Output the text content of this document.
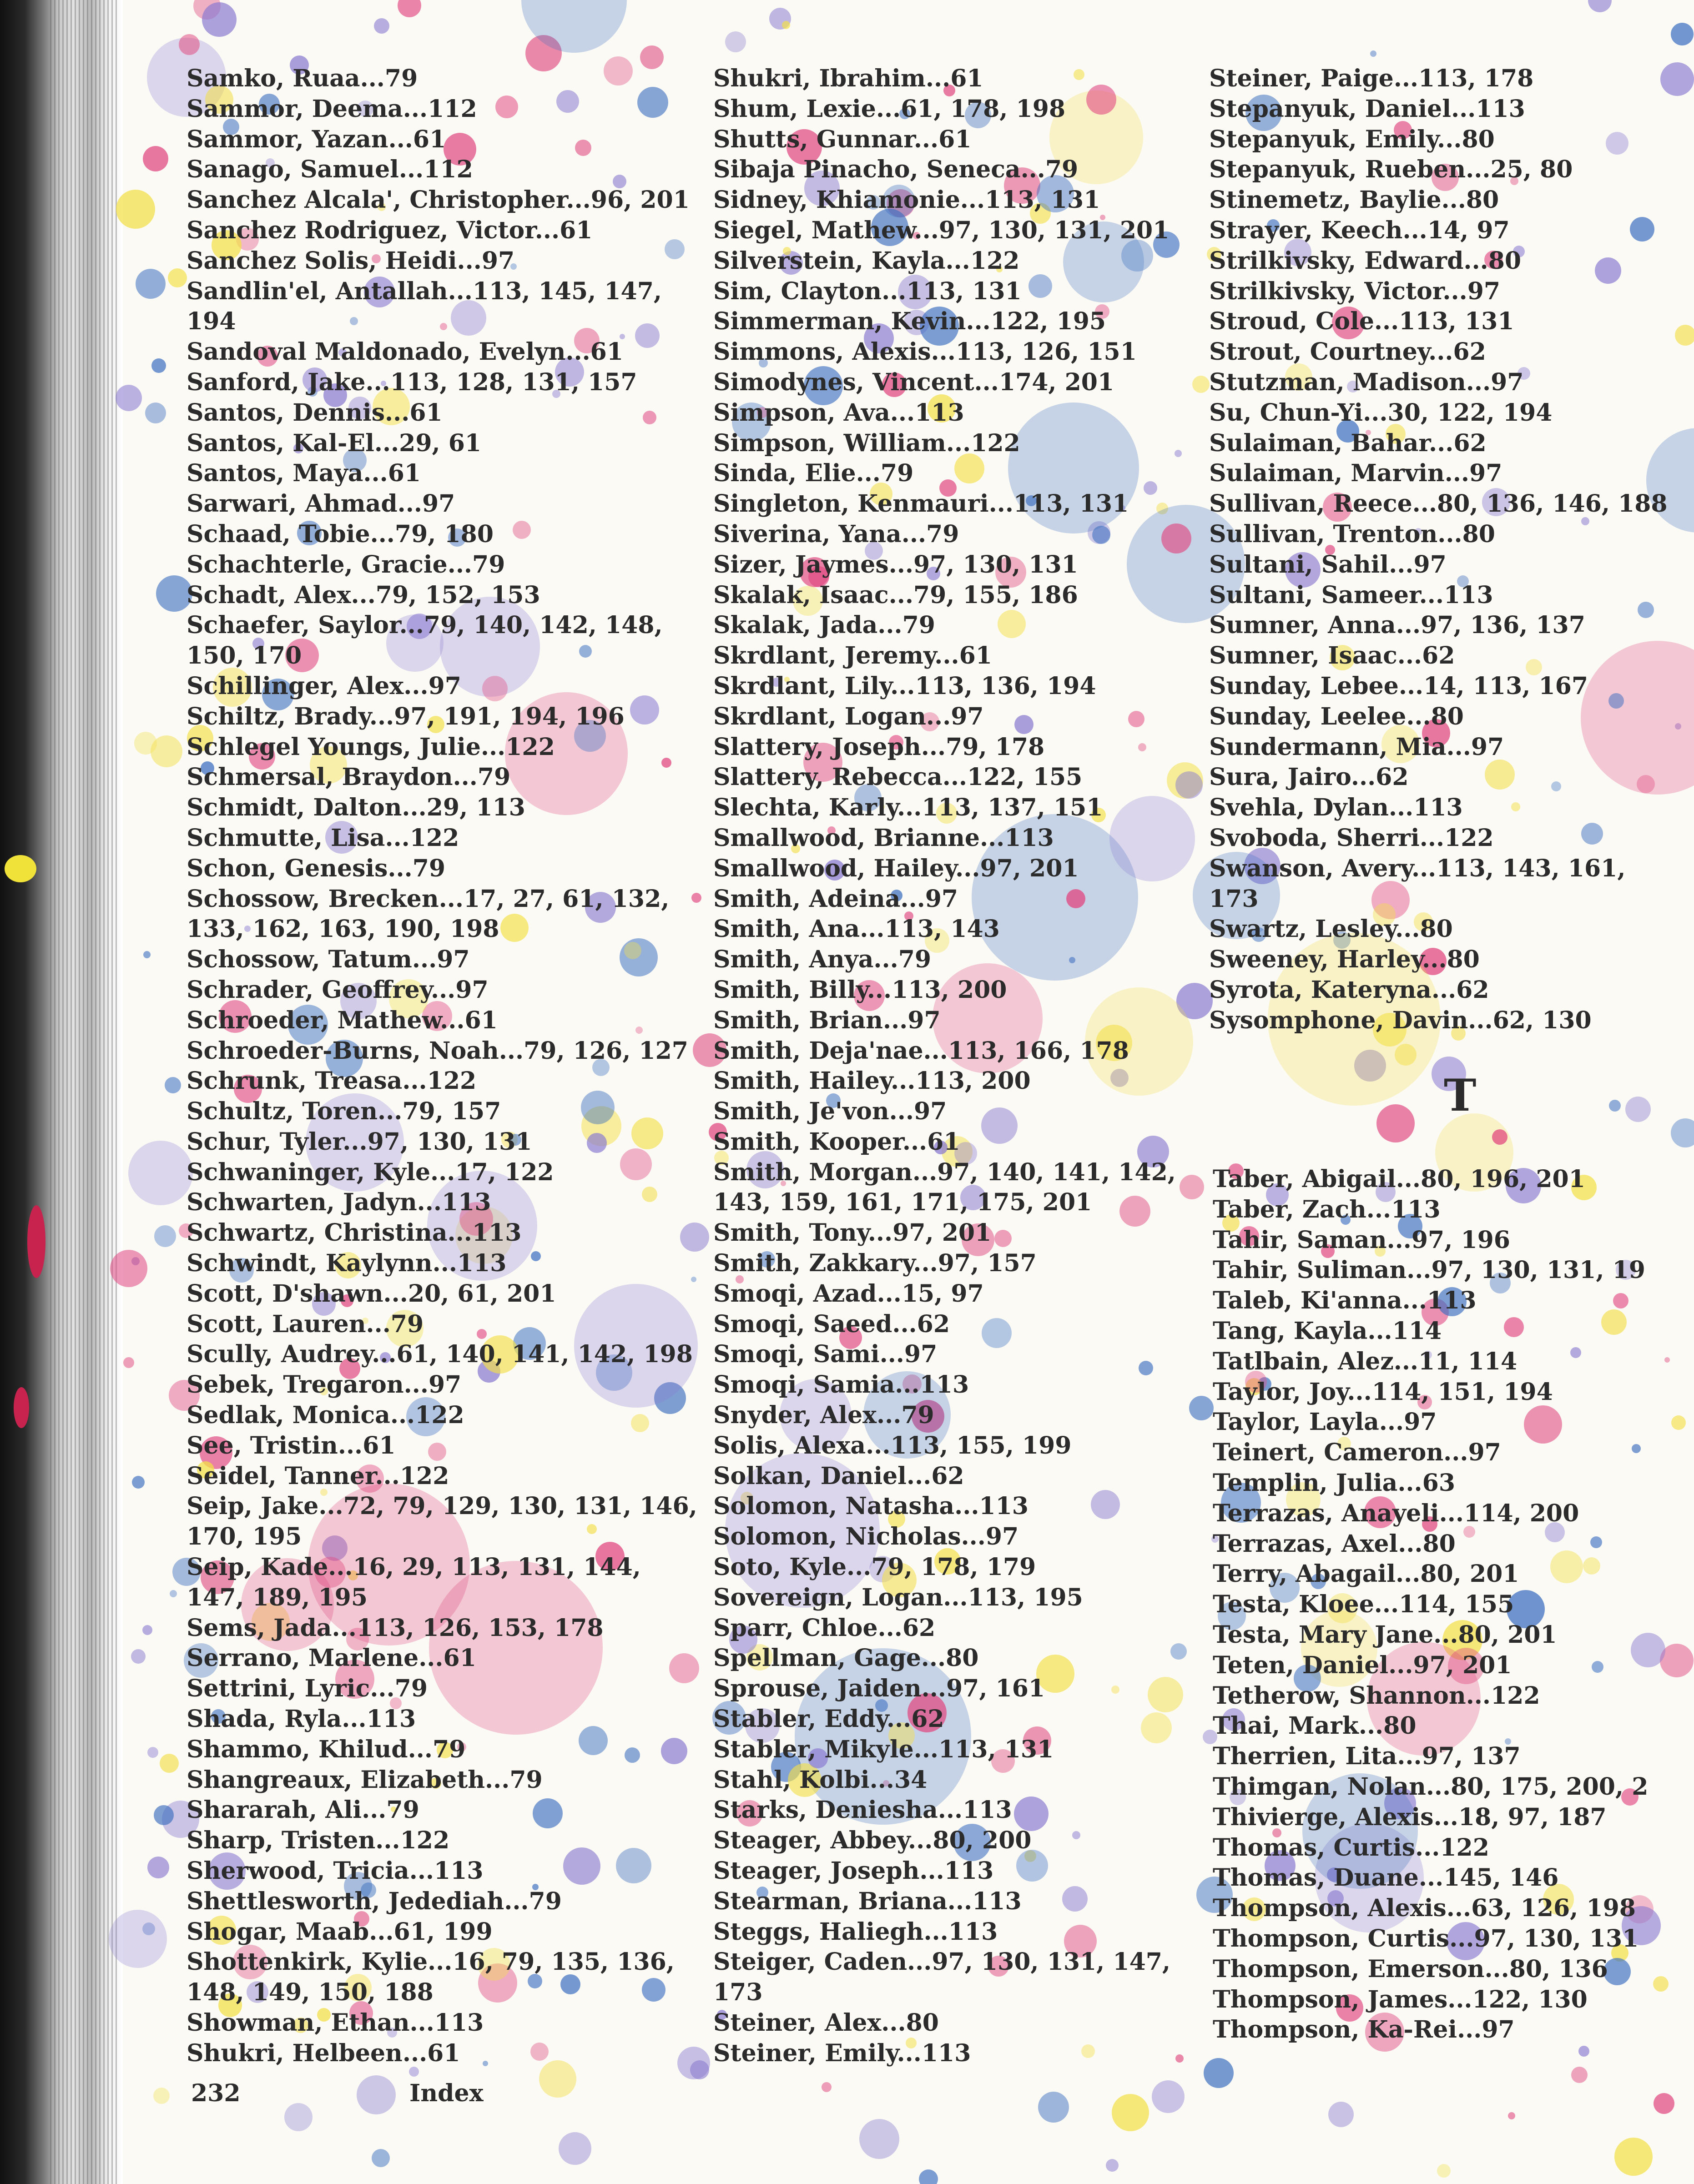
Samko, Ruaa...79
Sammor, Deema...112
Sammor, Yazan...61
Sanago, Samuel...112
Sanchez Alcala', Christopher...96, 201
Sanchez Rodriguez, Victor...61
Sanchez Solis, Heidi...97
Sandlin'el, Antallah...113, 145, 147, 194
Sandoval Maldonado, Evelyn...61
Sanford, Jake...113, 128, 131, 157
Santos, Dennis...61
Santos, Kal-El...29, 61
Santos, Maya...61
Sarwari, Ahmad...97
Schaad, Tobie...79, 180
Schachterle, Gracie...79
Schadt, Alex...79, 152, 153
Schaefer, Saylor...79, 140, 142, 148, 150, 170
Schillinger, Alex...97
Schiltz, Brady...97, 191, 194, 196
Schlegel Youngs, Julie...122
Schmersal, Braydon...79
Schmidt, Dalton...29, 113
Schmutte, Lisa...122
Schon, Genesis...79
Schossow, Brecken...17, 27, 61, 132, 133, 162, 163, 190, 198
Schossow, Tatum...97
Schrader, Geoffrey...97
Schroeder, Mathew...61
Schroeder-Burns, Noah...79, 126, 127
Schrunk, Treasa...122
Schultz, Toren...79, 157
Schur, Tyler...97, 130, 131
Schwaninger, Kyle...17, 122
Schwarten, Jadyn...113
Schwartz, Christina...113
Schwindt, Kaylynn...113
Scott, D'shawn...20, 61, 201
Scott, Lauren...79
Scully, Audrey...61, 140, 141, 142, 198
Sebek, Tregaron...97
Sedlak, Monica...122
See, Tristin...61
Seidel, Tanner...122
Seip, Jake...72, 79, 129, 130, 131, 146, 170, 195
Seip, Kade...16, 29, 113, 131, 144, 147, 189, 195
Sems, Jada...113, 126, 153, 178
Serrano, Marlene...61
Settrini, Lyric...79
Shada, Ryla...113
Shammo, Khilud...79
Shangreaux, Elizabeth...79
Shararah, Ali...79
Sharp, Tristen...122
Sherwood, Tricia...113
Shettlesworth, Jedediah...79
Shogar, Maab...61, 199
Shottenkirk, Kylie...16, 79, 135, 136, 148, 149, 150, 188
Showman, Ethan...113
Shukri, Helbeen...61
Shukri, Ibrahim...61
Shum, Lexie...61, 178, 198
Shutts, Gunnar...61
Sibaja Pinacho, Seneca...79
Sidney, Khiamonie...113, 131
Siegel, Mathew...97, 130, 131, 201
Silverstein, Kayla...122
Sim, Clayton...113, 131
Simmerman, Kevin...122, 195
Simmons, Alexis...113, 126, 151
Simodynes, Vincent...174, 201
Simpson, Ava...113
Simpson, William...122
Sinda, Elie...79
Singleton, Kenmauri...113, 131
Siverina, Yana...79
Sizer, Jaymes...97, 130, 131
Skalak, Isaac...79, 155, 186
Skalak, Jada...79
Skrdlant, Jeremy...61
Skrdlant, Lily...113, 136, 194
Skrdlant, Logan...97
Slattery, Joseph...79, 178
Slattery, Rebecca...122, 155
Slechta, Karly...113, 137, 151
Smallwood, Brianne...113
Smallwood, Hailey...97, 201
Smith, Adeina...97
Smith, Ana...113, 143
Smith, Anya...79
Smith, Billy...113, 200
Smith, Brian...97
Smith, Deja'nae...113, 166, 178
Smith, Hailey...113, 200
Smith, Je'von...97
Smith, Kooper...61
Smith, Morgan...97, 140, 141, 142, 143, 159, 161, 171, 175, 201
Smith, Tony...97, 201
Smith, Zakkary...97, 157
Smoqi, Azad...15, 97
Smoqi, Saeed...62
Smoqi, Sami...97
Smoqi, Samia...113
Snyder, Alex...79
Solis, Alexa...113, 155, 199
Solkan, Daniel...62
Solomon, Natasha...113
Solomon, Nicholas...97
Soto, Kyle...79, 178, 179
Sovereign, Logan...113, 195
Sparr, Chloe...62
Spellman, Gage...80
Sprouse, Jaiden...97, 161
Stabler, Eddy...62
Stabler, Mikyle...113, 131
Stahl, Kolbi...34
Starks, Deniesha...113
Steager, Abbey...80, 200
Steager, Joseph...113
Stearman, Briana...113
Steggs, Haliegh...113
Steiger, Caden...97, 130, 131, 147, 173
Steiner, Alex...80
Steiner, Emily...113
Steiner, Paige...113, 178
Stepanyuk, Daniel...113
Stepanyuk, Emily...80
Stepanyuk, Rueben...25, 80
Stinemetz, Baylie...80
Strayer, Keech...14, 97
Strilkivsky, Edward...80
Strilkivsky, Victor...97
Stroud, Cole...113, 131
Strout, Courtney...62
Stutzman, Madison...97
Su, Chun-Yi...30, 122, 194
Sulaiman, Bahar...62
Sulaiman, Marvin...97
Sullivan, Reece...80, 136, 146, 188
Sullivan, Trenton...80
Sultani, Sahil...97
Sultani, Sameer...113
Sumner, Anna...97, 136, 137
Sumner, Isaac...62
Sunday, Lebee...14, 113, 167
Sunday, Leelee...80
Sundermann, Mia...97
Sura, Jairo...62
Svehla, Dylan...113
Svoboda, Sherri...122
Swanson, Avery...113, 143, 161,
173
Swartz, Lesley...80
Sweeney, Harley...80
Syrota, Kateryna...62
Sysomphone, Davin...62, 130
T
Taber, Abigail...80, 196, 201
Taber, Zach...113
Tahir, Saman...97, 196
Tahir, Suliman...97, 130, 131, 19
Taleb, Ki'anna...113
Tang, Kayla...114
Tatlbain, Alez...11, 114
Taylor, Joy...114, 151, 194
Taylor, Layla...97
Teinert, Cameron...97
Templin, Julia...63
Terrazas, Anayeli...114, 200
Terrazas, Axel...80
Terry, Abagail...80, 201
Testa, Kloee...114, 155
Testa, Mary Jane...80, 201
Teten, Daniel...97, 201
Tetherow, Shannon...122
Thai, Mark...80
Therrien, Lita...97, 137
Thimgan, Nolan...80, 175, 200, 2
Thivierge, Alexis...18, 97, 187
Thomas, Curtis...122
Thomas, Duane...145, 146
Thompson, Alexis...63, 126, 198
Thompson, Curtis...97, 130, 131
Thompson, Emerson...80, 136
Thompson, James...122, 130
Thompson, Ka-Rei...97
232	Index
